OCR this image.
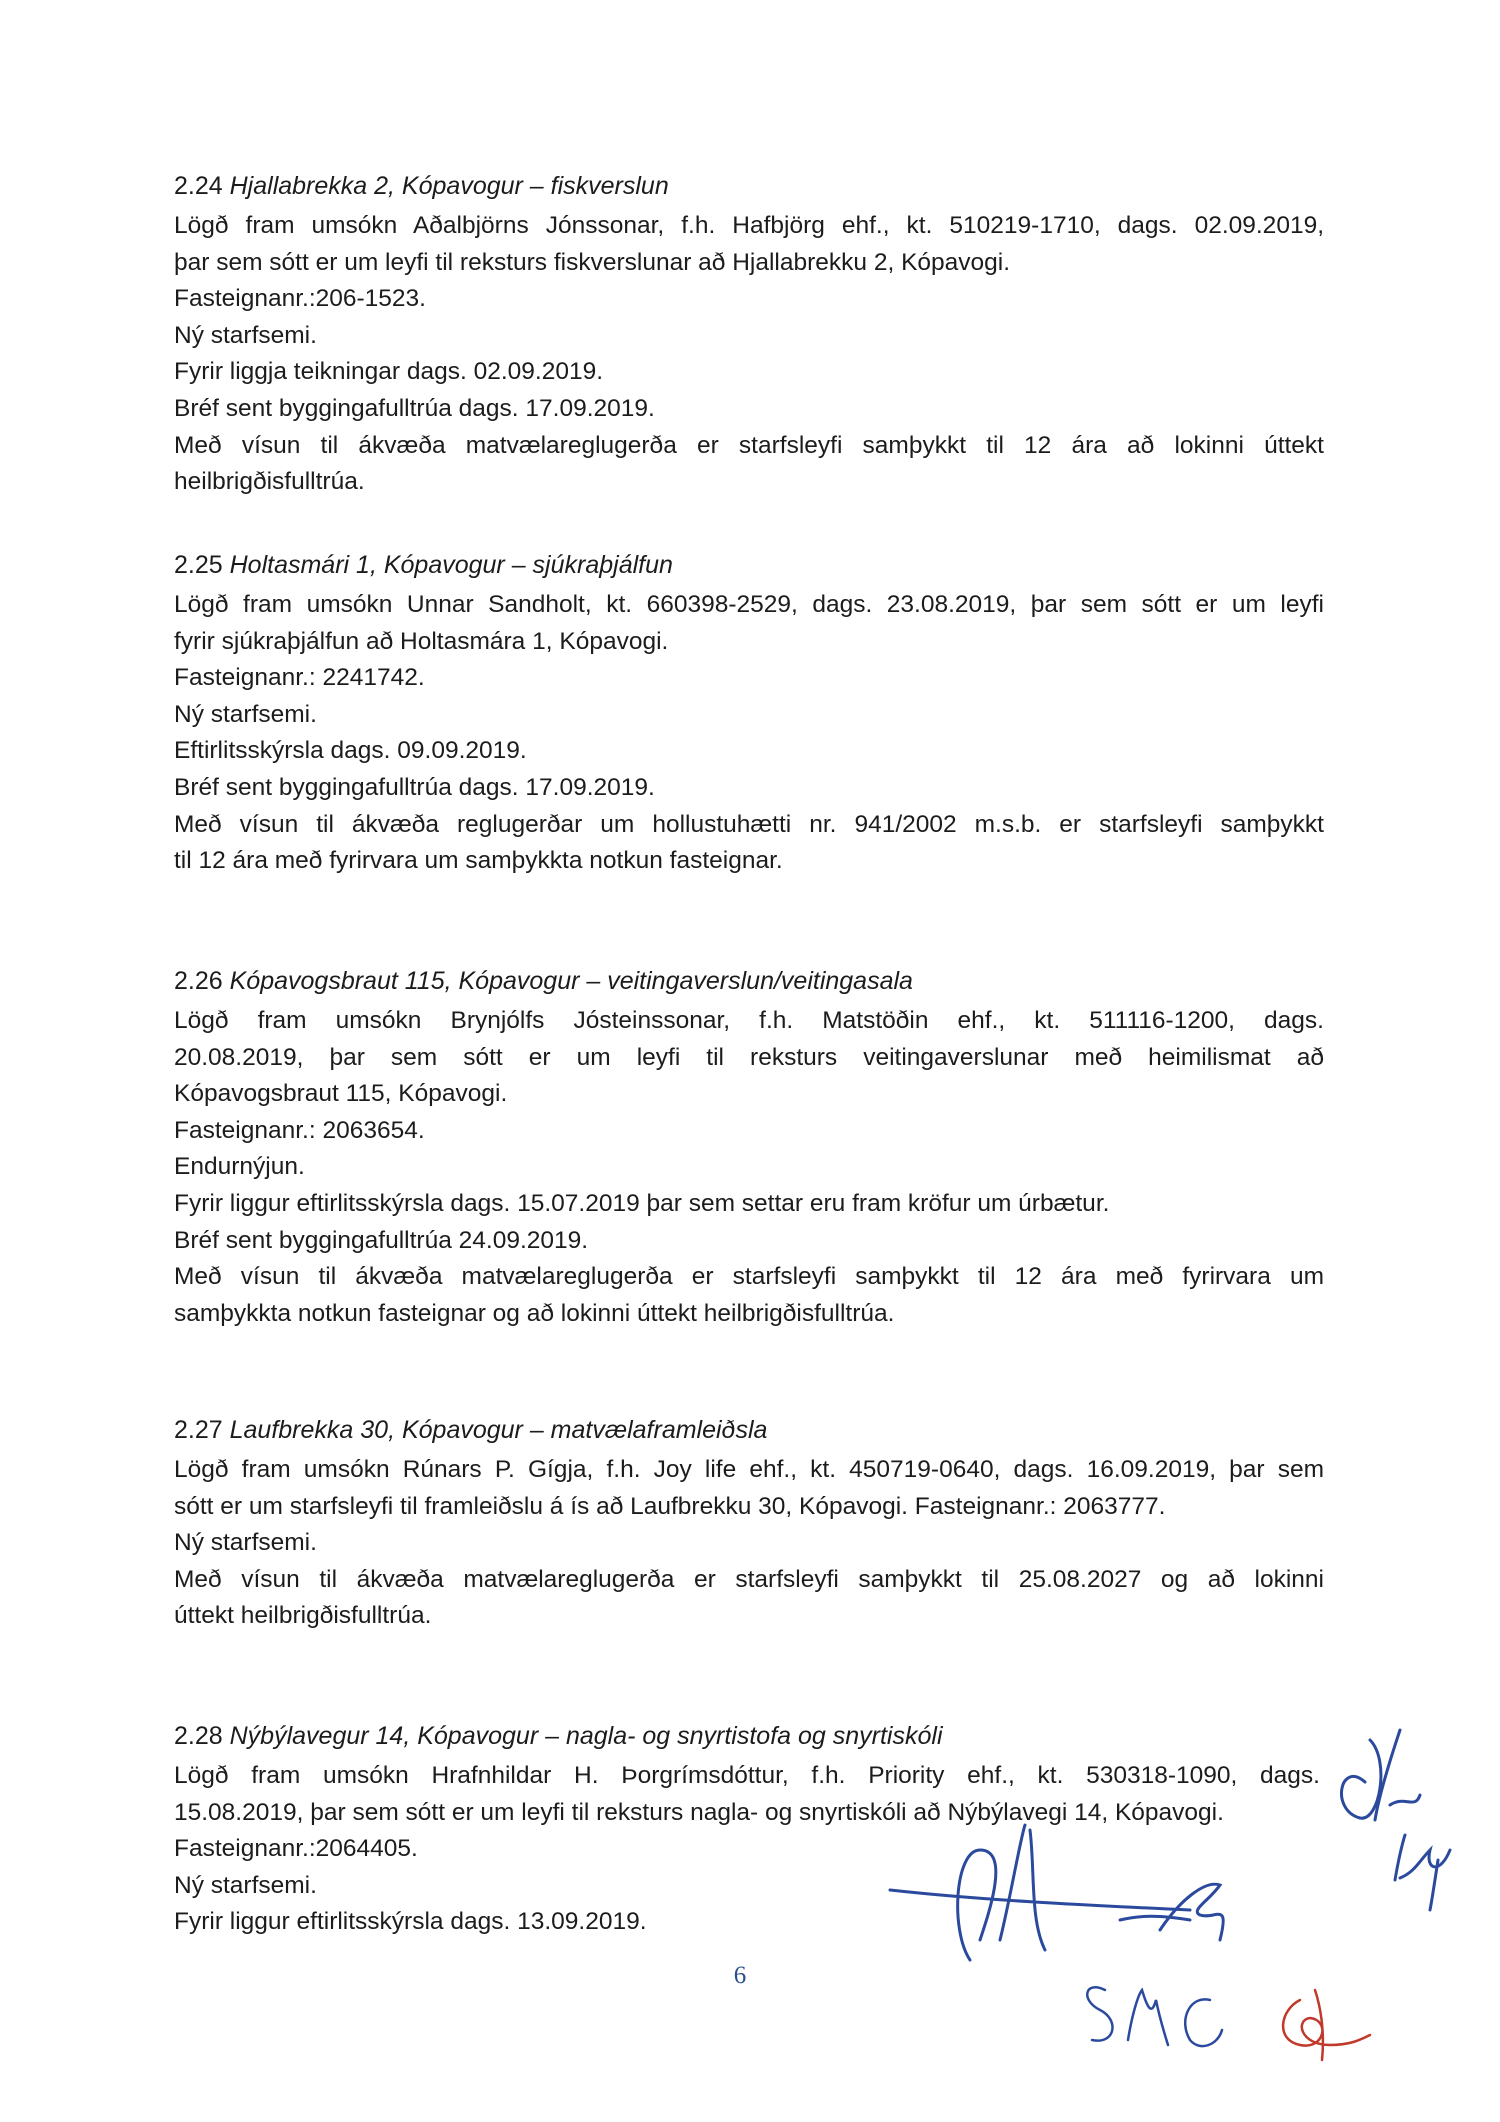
2.24 Hjallabrekka 2, Kópavogur – fiskverslun
Lögð fram umsókn Aðalbjörns Jónssonar, f.h. Hafbjörg ehf., kt. 510219-1710, dags. 02.09.2019,
þar sem sótt er um leyfi til reksturs fiskverslunar að Hjallabrekku 2, Kópavogi.
Fasteignanr.:206-1523.
Ný starfsemi.
Fyrir liggja teikningar dags. 02.09.2019.
Bréf sent byggingafulltrúa dags. 17.09.2019.
Með vísun til ákvæða matvælareglugerða er starfsleyfi samþykkt til 12 ára að lokinni úttekt
heilbrigðisfulltrúa.
2.25 Holtasmári 1, Kópavogur – sjúkraþjálfun
Lögð fram umsókn Unnar Sandholt, kt. 660398-2529, dags. 23.08.2019, þar sem sótt er um leyfi
fyrir sjúkraþjálfun að Holtasmára 1, Kópavogi.
Fasteignanr.: 2241742.
Ný starfsemi.
Eftirlitsskýrsla dags. 09.09.2019.
Bréf sent byggingafulltrúa dags. 17.09.2019.
Með vísun til ákvæða reglugerðar um hollustuhætti nr. 941/2002 m.s.b. er starfsleyfi samþykkt
til 12 ára með fyrirvara um samþykkta notkun fasteignar.
2.26 Kópavogsbraut 115, Kópavogur – veitingaverslun/veitingasala
Lögð fram umsókn Brynjólfs Jósteinssonar, f.h. Matstöðin ehf., kt. 511116-1200, dags.
20.08.2019, þar sem sótt er um leyfi til reksturs veitingaverslunar með heimilismat að
Kópavogsbraut 115, Kópavogi.
Fasteignanr.: 2063654.
Endurnýjun.
Fyrir liggur eftirlitsskýrsla dags. 15.07.2019 þar sem settar eru fram kröfur um úrbætur.
Bréf sent byggingafulltrúa 24.09.2019.
Með vísun til ákvæða matvælareglugerða er starfsleyfi samþykkt til 12 ára með fyrirvara um
samþykkta notkun fasteignar og að lokinni úttekt heilbrigðisfulltrúa.
2.27 Laufbrekka 30, Kópavogur – matvælaframleiðsla
Lögð fram umsókn Rúnars P. Gígja, f.h. Joy life ehf., kt. 450719-0640, dags. 16.09.2019, þar sem
sótt er um starfsleyfi til framleiðslu á ís að Laufbrekku 30, Kópavogi. Fasteignanr.: 2063777.
Ný starfsemi.
Með vísun til ákvæða matvælareglugerða er starfsleyfi samþykkt til 25.08.2027 og að lokinni
úttekt heilbrigðisfulltrúa.
2.28 Nýbýlavegur 14, Kópavogur – nagla- og snyrtistofa og snyrtiskóli
Lögð fram umsókn Hrafnhildar H. Þorgrímsdóttur, f.h. Priority ehf., kt. 530318-1090, dags.
15.08.2019, þar sem sótt er um leyfi til reksturs nagla- og snyrtiskóli að Nýbýlavegi 14, Kópavogi.
Fasteignanr.:2064405.
Ný starfsemi.
Fyrir liggur eftirlitsskýrsla dags. 13.09.2019.
6
